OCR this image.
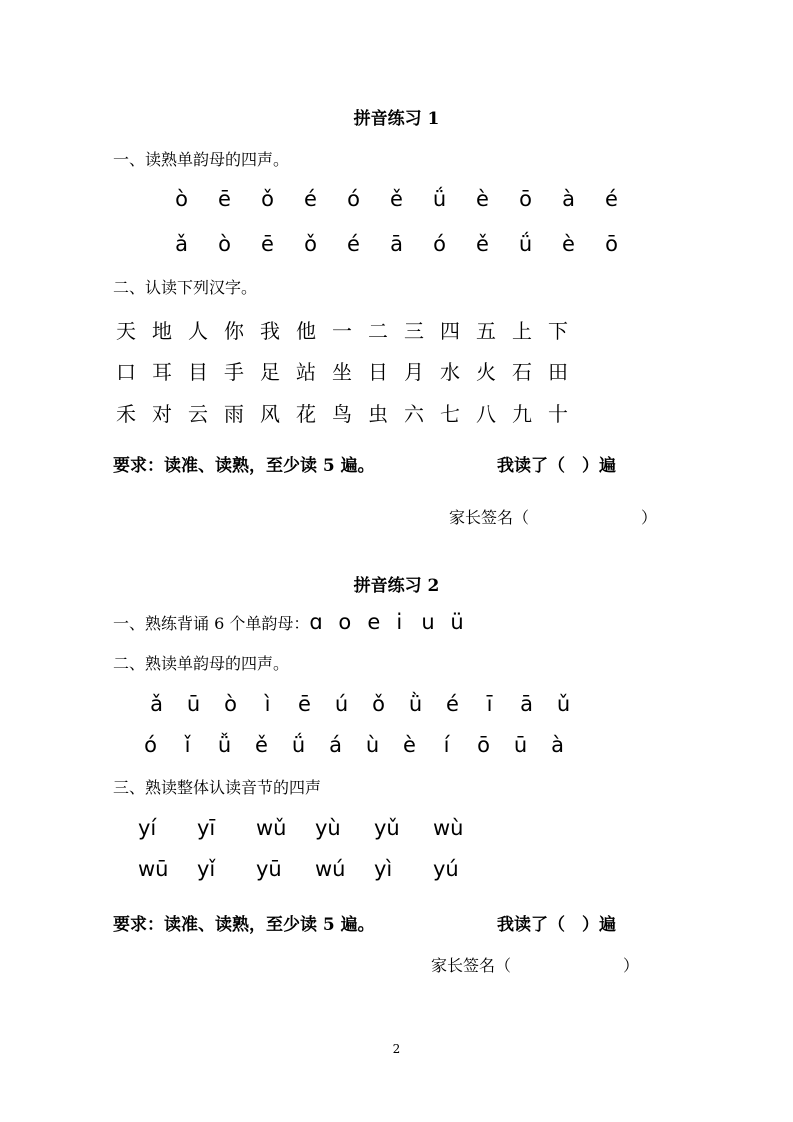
拼音练习 1
一、读熟单韵母的四声。
ò	ē	ǒ	é	ó	ě	ǘ	è	ō	à	é
ǎ	ò	ē	ǒ	é	ā	ó	ě	ǘ	è	ō
二、认读下列汉字。
天 地 人 你 我 他 一 二 三 四 五 上 下
口 耳 目 手 足 站 坐 日 月 水 火 石 田
禾 对 云 雨 风 花 鸟 虫 六 七 八 九 十
要求：读准、读熟，至少读 5 遍。	我读了（　）遍
家长签名（　　　　　　　）
拼音练习 2
一、熟练背诵 6 个单韵母：ɑ o e i u ü
二、熟读单韵母的四声。
ǎ	ū	ò	ì	ē	ú	ǒ	ǜ	é	ī	ā	ǔ
ó	ǐ	ǚ	ě	ǘ	á	ù	è	í	ō	ū	à
三、熟读整体认读音节的四声
yí	yī	wǔ	yù	yǔ	wù
wū	yǐ	yū	wú	yì	yú
要求：读准、读熟，至少读 5 遍。	我读了（　）遍
家长签名（　　　　　　　）
2
